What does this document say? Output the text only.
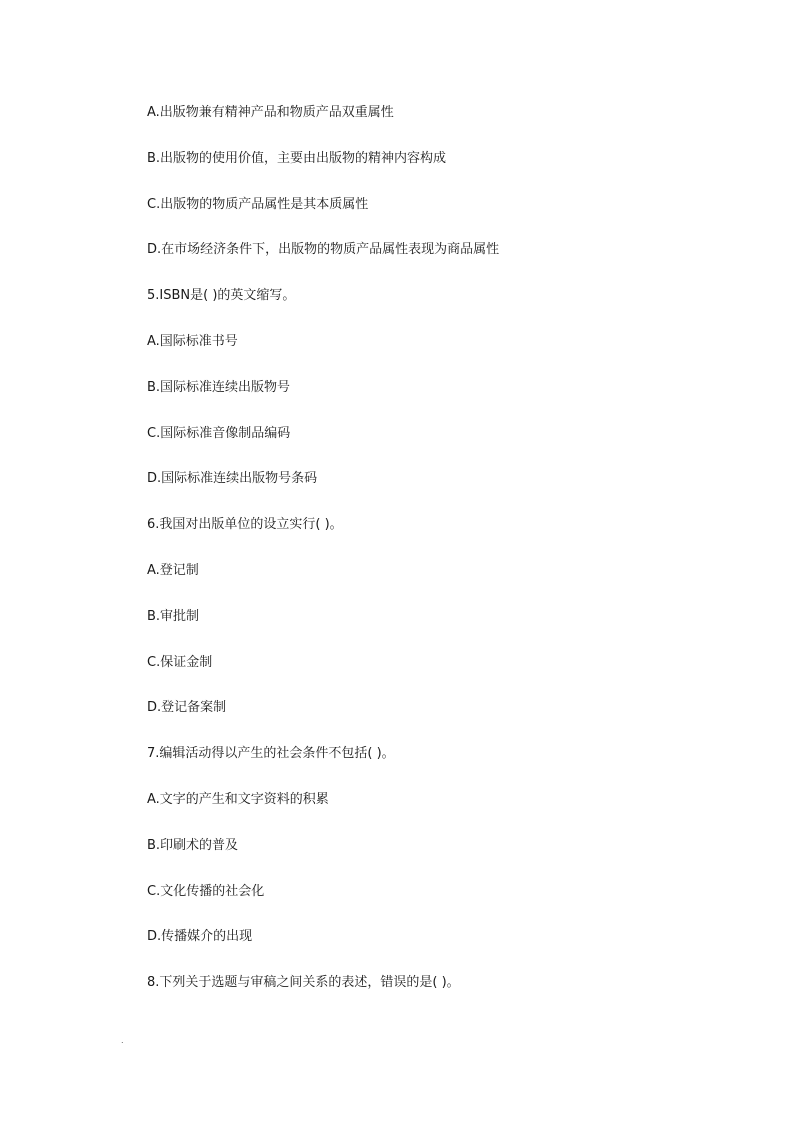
A.出版物兼有精神产品和物质产品双重属性
B.出版物的使用价值，主要由出版物的精神内容构成
C.出版物的物质产品属性是其本质属性
D.在市场经济条件下，出版物的物质产品属性表现为商品属性
5.ISBN是( )的英文缩写。
A.国际标准书号
B.国际标准连续出版物号
C.国际标准音像制品编码
D.国际标准连续出版物号条码
6.我国对出版单位的设立实行( )。
A.登记制
B.审批制
C.保证金制
D.登记备案制
7.编辑活动得以产生的社会条件不包括( )。
A.文字的产生和文字资料的积累
B.印刷术的普及
C.文化传播的社会化
D.传播媒介的出现
8.下列关于选题与审稿之间关系的表述，错误的是( )。
.
